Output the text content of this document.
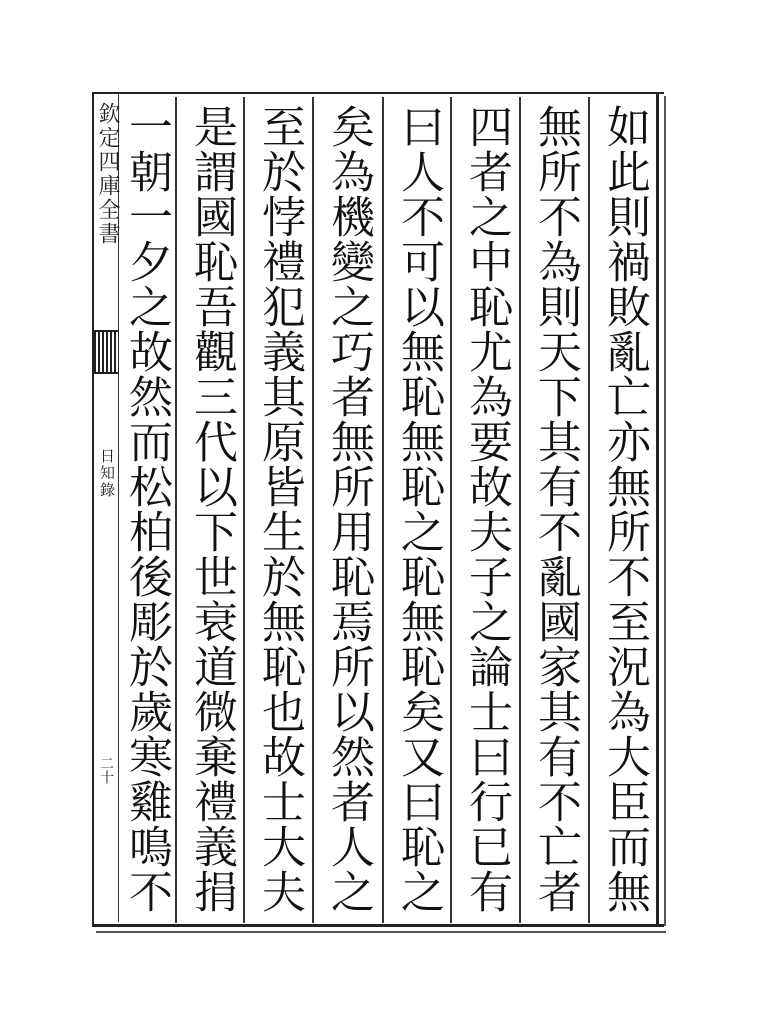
欽定四庫全書
日知錄
二十
如此則禍敗亂亡亦無所不至況為大臣而無
無所不為則天下其有不亂國家其有不亡者
四者之中恥尤為要故夫子之論士曰行已有
曰人不可以無恥無恥之恥無恥矣又曰恥之
矣為機變之巧者無所用恥焉所以然者人之
至於悖禮犯義其原皆生於無恥也故士大夫
是謂國恥吾觀三代以下世衰道微棄禮義捐
一朝一夕之故然而松柏後彫於歲寒雞鳴不
